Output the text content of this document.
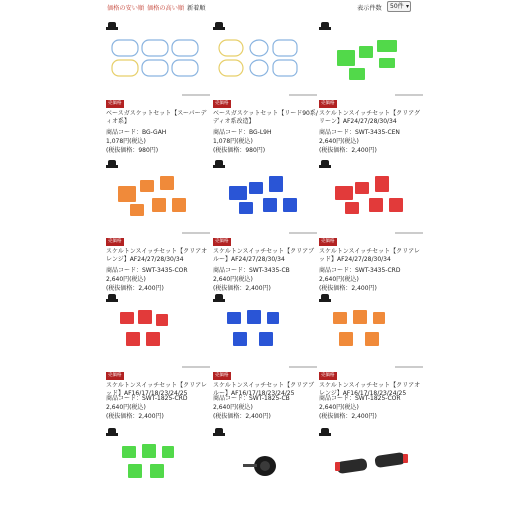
価格の安い順 価格の高い順 新着順	表示件数	50件 ▾
売価格
ベースガスケットセット【スーパーディオ系】
商品コード：BG-GAH
1,078円(税込)
(税抜価格：980円)
売価格
ベースガスケットセット【リード90系/ディオ系改造】
商品コード：BG-L9H
1,078円(税込)
(税抜価格：980円)
売価格
スケルトンスイッチセット【クリアグリーン】AF24/27/28/30/34
商品コード：SWT-3435-CEN
2,640円(税込)
(税抜価格：2,400円)
売価格
スケルトンスイッチセット【クリアオレンジ】AF24/27/28/30/34
商品コード：SWT-3435-COR
2,640円(税込)
(税抜価格：2,400円)
売価格
スケルトンスイッチセット【クリアブルー】AF24/27/28/30/34
商品コード：SWT-3435-CB
2,640円(税込)
(税抜価格：2,400円)
売価格
スケルトンスイッチセット【クリアレッド】AF24/27/28/30/34
商品コード：SWT-3435-CRD
2,640円(税込)
(税抜価格：2,400円)
売価格
スケルトンスイッチセット【クリアレッド】AF16/17/18/23/24/25
商品コード：SWT-1825-CRD
2,640円(税込)
(税抜価格：2,400円)
売価格
スケルトンスイッチセット【クリアブルー】AF16/17/18/23/24/25
商品コード：SWT-1825-CB
2,640円(税込)
(税抜価格：2,400円)
売価格
スケルトンスイッチセット【クリアオレンジ】AF16/17/18/23/24/25
商品コード：SWT-1825-COR
2,640円(税込)
(税抜価格：2,400円)
